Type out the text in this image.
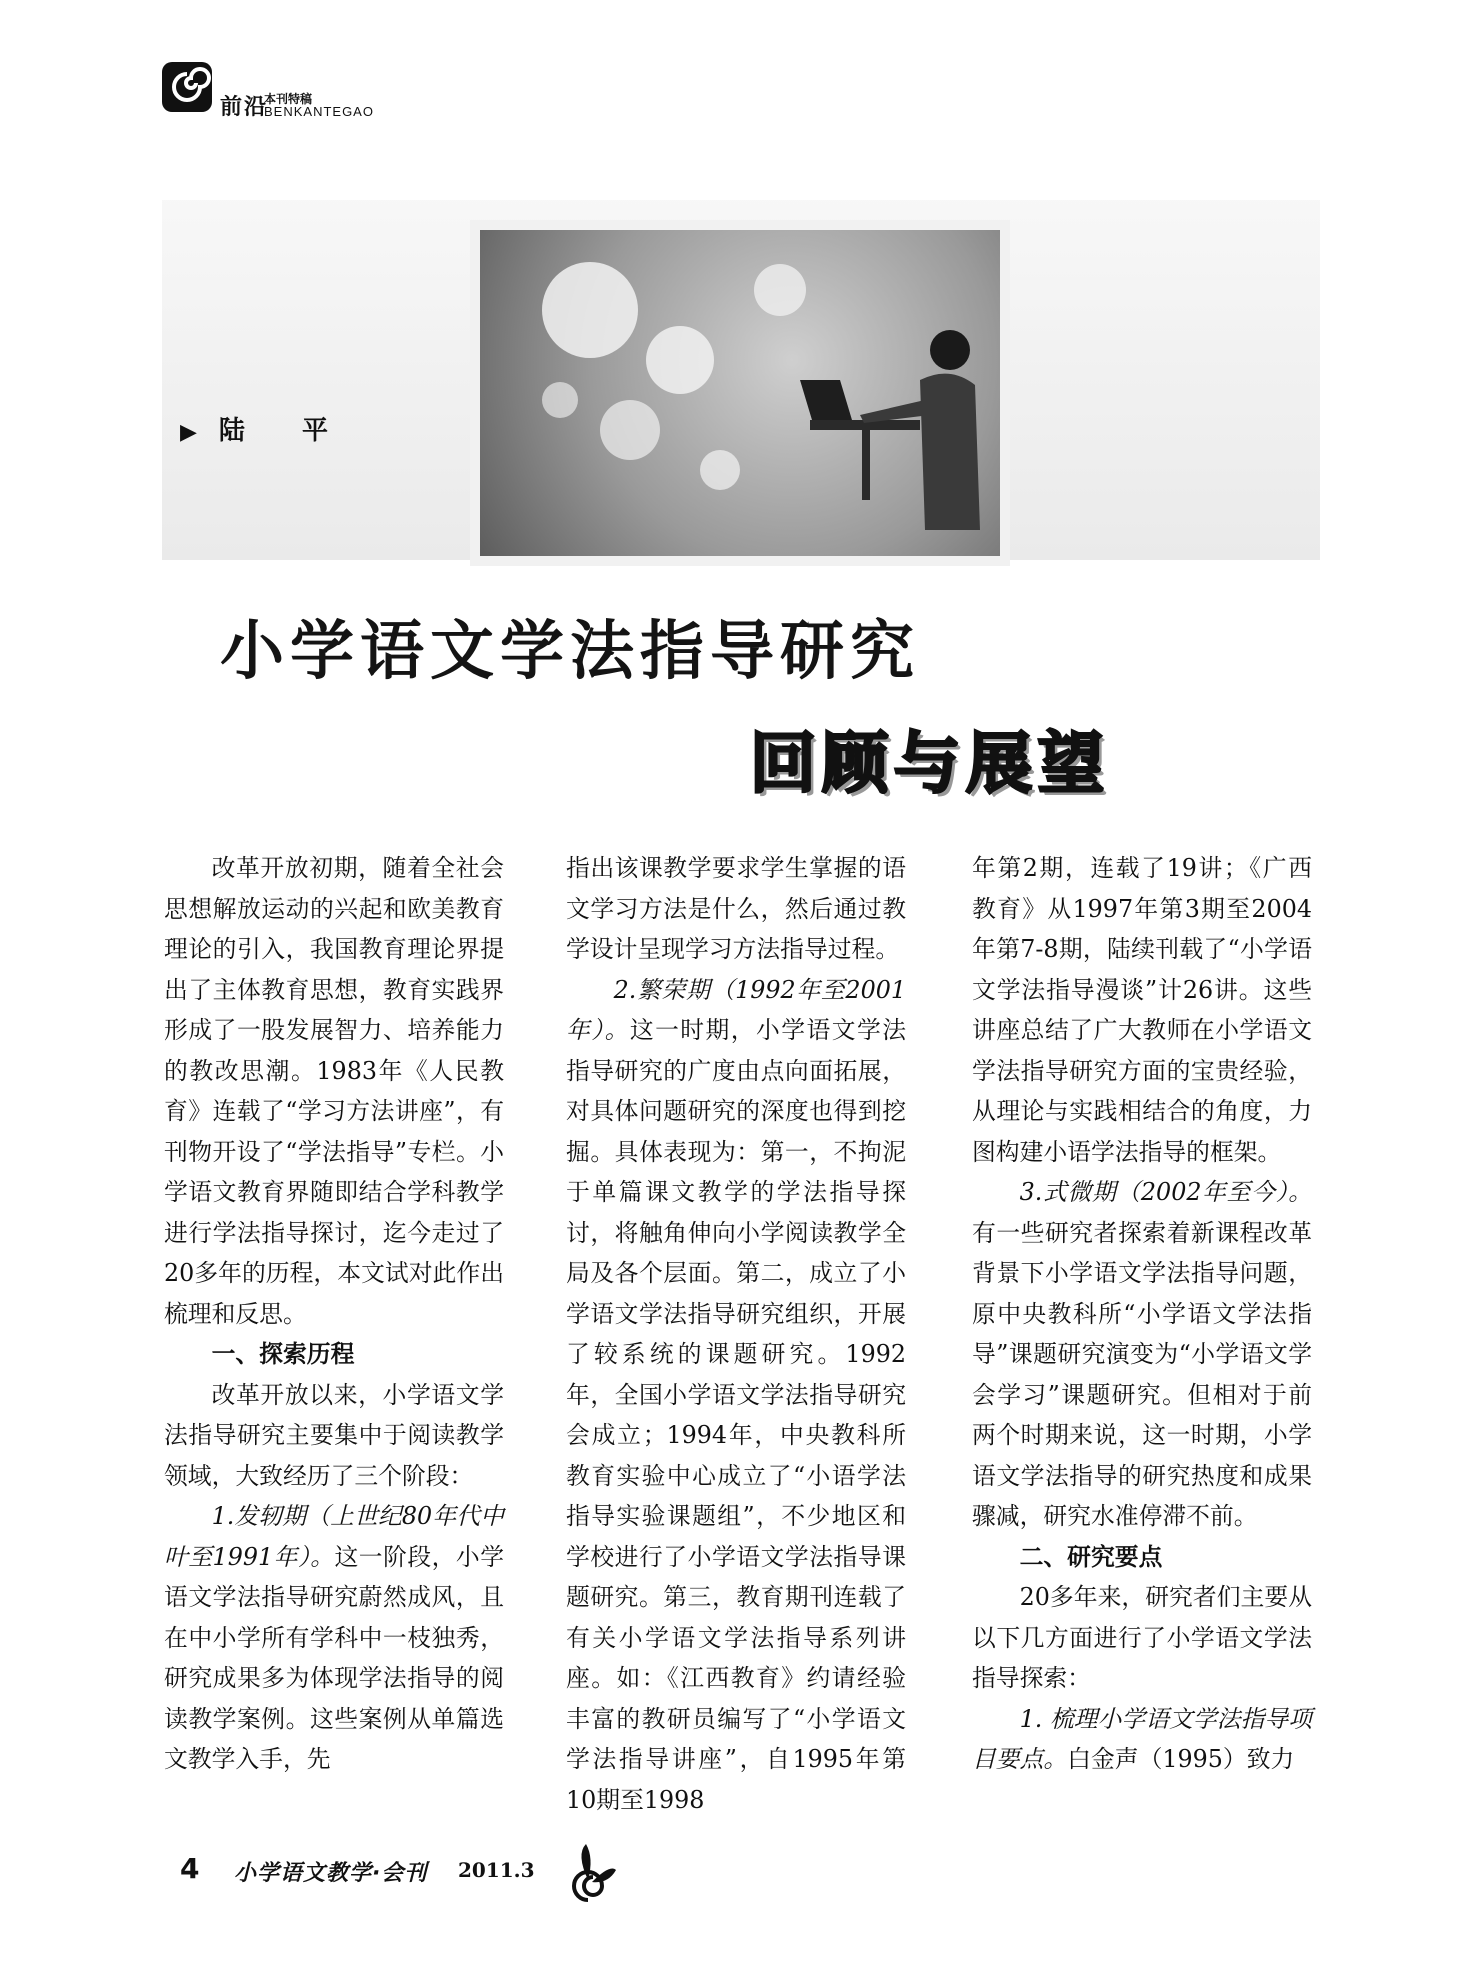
前沿
本刊特稿
BENKANTEGAO
▶ 陆 平
小学语文学法指导研究
回顾与展望

改革开放初期，随着全社会思想解放运动的兴起和欧美教育理论的引入，我国教育理论界提出了主体教育思想，教育实践界形成了一股发展智力、培养能力的教改思潮。1983年《人民教育》连载了“学习方法讲座”，有刊物开设了“学法指导”专栏。小学语文教育界随即结合学科教学进行学法指导探讨，迄今走过了20多年的历程，本文试对此作出梳理和反思。

一、探索历程

改革开放以来，小学语文学法指导研究主要集中于阅读教学领域，大致经历了三个阶段：

1.发轫期（上世纪80年代中叶至1991年）。这一阶段，小学语文学法指导研究蔚然成风，且在中小学所有学科中一枝独秀，研究成果多为体现学法指导的阅读教学案例。这些案例从单篇选文教学入手，先

指出该课教学要求学生掌握的语文学习方法是什么，然后通过教学设计呈现学习方法指导过程。

2.繁荣期（1992年至2001年）。这一时期，小学语文学法指导研究的广度由点向面拓展，对具体问题研究的深度也得到挖掘。具体表现为：第一，不拘泥于单篇课文教学的学法指导探讨，将触角伸向小学阅读教学全局及各个层面。第二，成立了小学语文学法指导研究组织，开展了较系统的课题研究。1992年，全国小学语文学法指导研究会成立；1994年，中央教科所教育实验中心成立了“小语学法指导实验课题组”，不少地区和学校进行了小学语文学法指导课题研究。第三，教育期刊连载了有关小学语文学法指导系列讲座。如：《江西教育》约请经验丰富的教研员编写了“小学语文学法指导讲座”，自1995年第10期至1998

年第2期，连载了19讲；《广西教育》从1997年第3期至2004年第7-8期，陆续刊载了“小学语文学法指导漫谈”计26讲。这些讲座总结了广大教师在小学语文学法指导研究方面的宝贵经验，从理论与实践相结合的角度，力图构建小语学法指导的框架。

3.式微期（2002年至今）。有一些研究者探索着新课程改革背景下小学语文学法指导问题，原中央教科所“小学语文学法指导”课题研究演变为“小学语文学会学习”课题研究。但相对于前两个时期来说，这一时期，小学语文学法指导的研究热度和成果骤减，研究水准停滞不前。

二、研究要点

20多年来，研究者们主要从以下几方面进行了小学语文学法指导探索：

1. 梳理小学语文学法指导项目要点。白金声（1995）致力

4 小学语文教学·会刊 2011.3
